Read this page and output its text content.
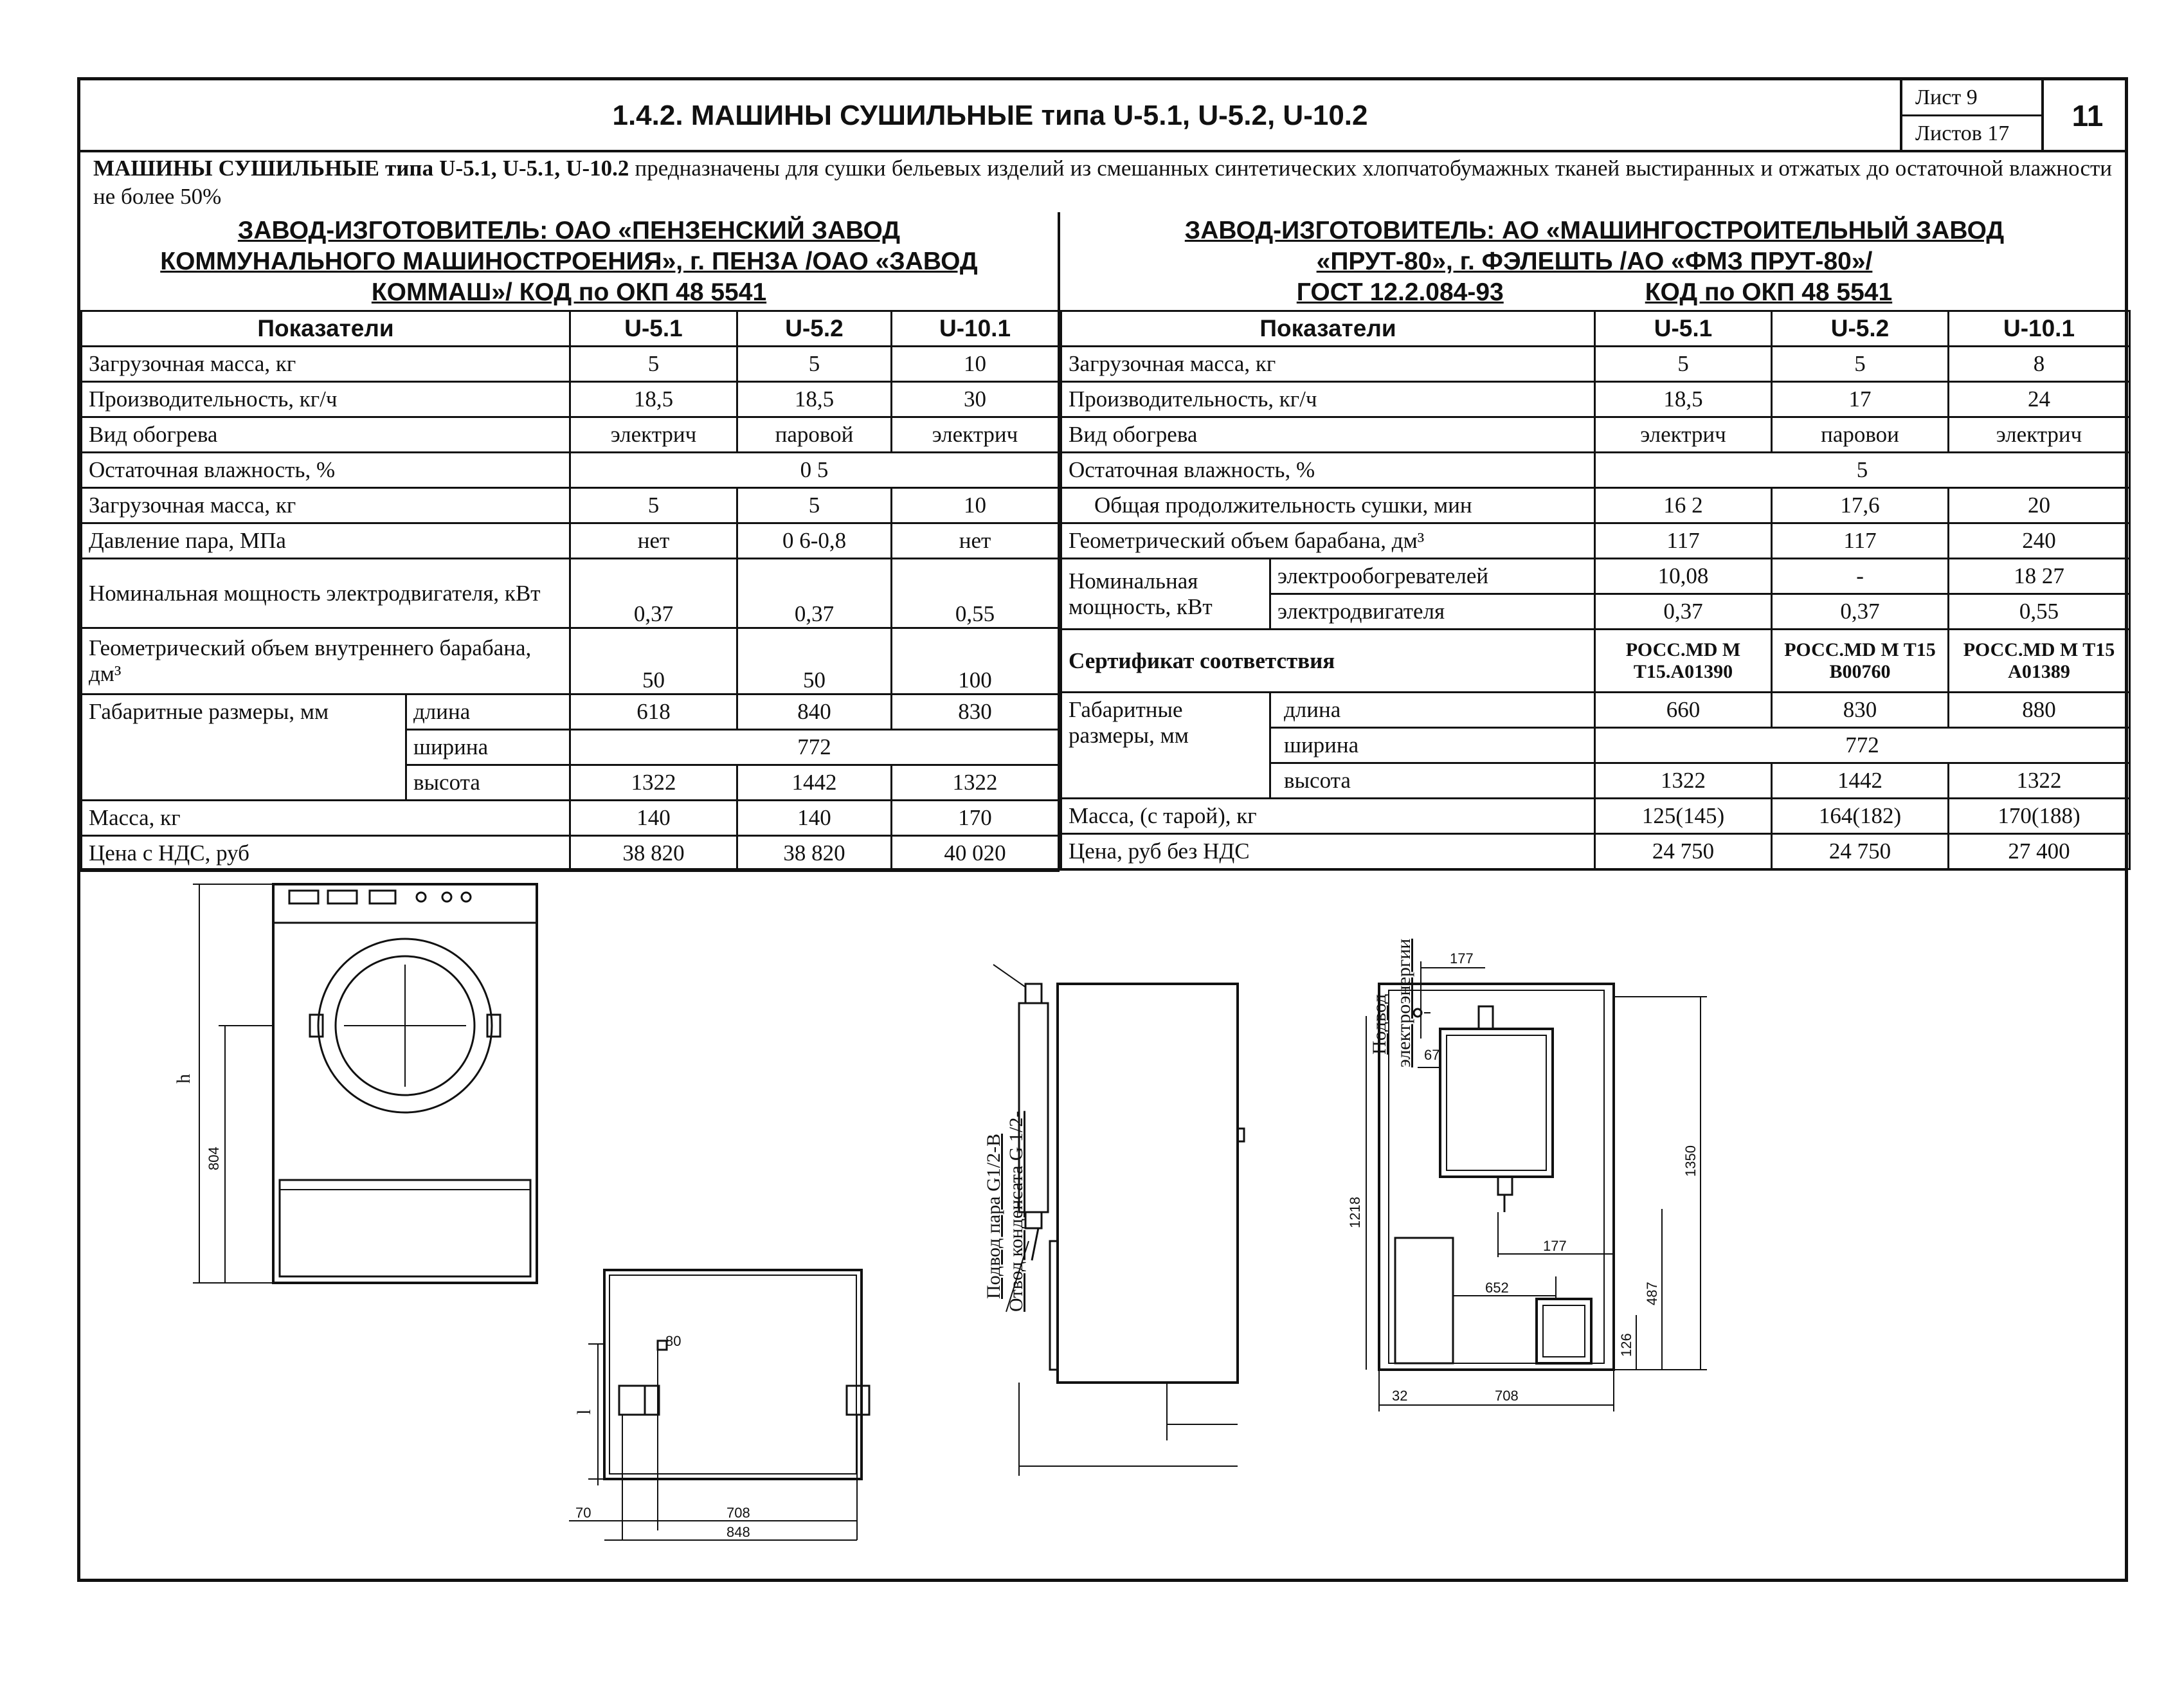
1.4.2. МАШИНЫ СУШИЛЬНЫЕ типа U-5.1, U-5.2, U-10.2
Лист 9
Листов 17
11
МАШИНЫ СУШИЛЬНЫЕ типа U-5.1, U-5.1, U-10.2 предназначены для сушки бельевых изделий из смешанных синтетических хлопчатобумажных тканей выстиранных и отжатых до остаточной влажности не более 50%
ЗАВОД-ИЗГОТОВИТЕЛЬ: ОАО «ПЕНЗЕНСКИЙ ЗАВОД
КОММУНАЛЬНОГО МАШИНОСТРОЕНИЯ», г. ПЕНЗА /ОАО «ЗАВОД
КОММАШ»/ КОД по ОКП 48 5541
ЗАВОД-ИЗГОТОВИТЕЛЬ: АО «МАШИНГОСТРОИТЕЛЬНЫЙ ЗАВОД
«ПРУТ-80», г. ФЭЛЕШТЬ /АО «ФМЗ ПРУТ-80»/
ГОСТ 12.2.084-93	КОД по ОКП 48 5541
Показатели		U-5.1	U-5.2	U-10.1
Загрузочная масса, кг		5	5	10
Производительность, кг/ч		18,5	18,5	30
Вид обогрева		электрич	паровой	электрич
Остаточная влажность, %		0 5		
Загрузочная масса, кг		5	5	10
Давление пара, МПа		нет	0 6-0,8	нет
Номинальная мощность электродвигателя, кВт		0,37	0,37	0,55
Геометрический объем внутреннего барабана, дм³		50	50	100
Габаритные размеры, мм	длина	618	840	830
	ширина	772		
	высота	1322	1442	1322
Масса, кг		140	140	170
Цена с НДС, руб		38 820	38 820	40 020
Показатели		U-5.1	U-5.2	U-10.1
Загрузочная масса, кг		5	5	8
Производительность, кг/ч		18,5	17	24
Вид обогрева		электрич	паровои	электрич
Остаточная влажность, %		5		
Общая продолжительность сушки, мин		16 2	17,6	20
Геометрический объем барабана, дм³		117	117	240
Номинальная мощность, кВт	электрообогревателей	10,08	-	18 27
	электродвигателя	0,37	0,37	0,55
Сертификат соответствия		РОСС.MD M T15.A01390	РОСС.MD M T15 B00760	РОСС.MD M T15 A01389
Габаритные размеры, мм	длина	660	830	880
	ширина	772		
	высота	1322	1442	1322
Масса, (с тарой), кг		125(145)	164(182)	170(188)
Цена, руб без НДС		24 750	24 750	27 400
h
804
80
l
70	708
848
Подвод пара G1/2-B Отвод конденсата G 1/2-
Подвод электроэнергии	177
67
1218
1350
177
652	487
126
32	708
